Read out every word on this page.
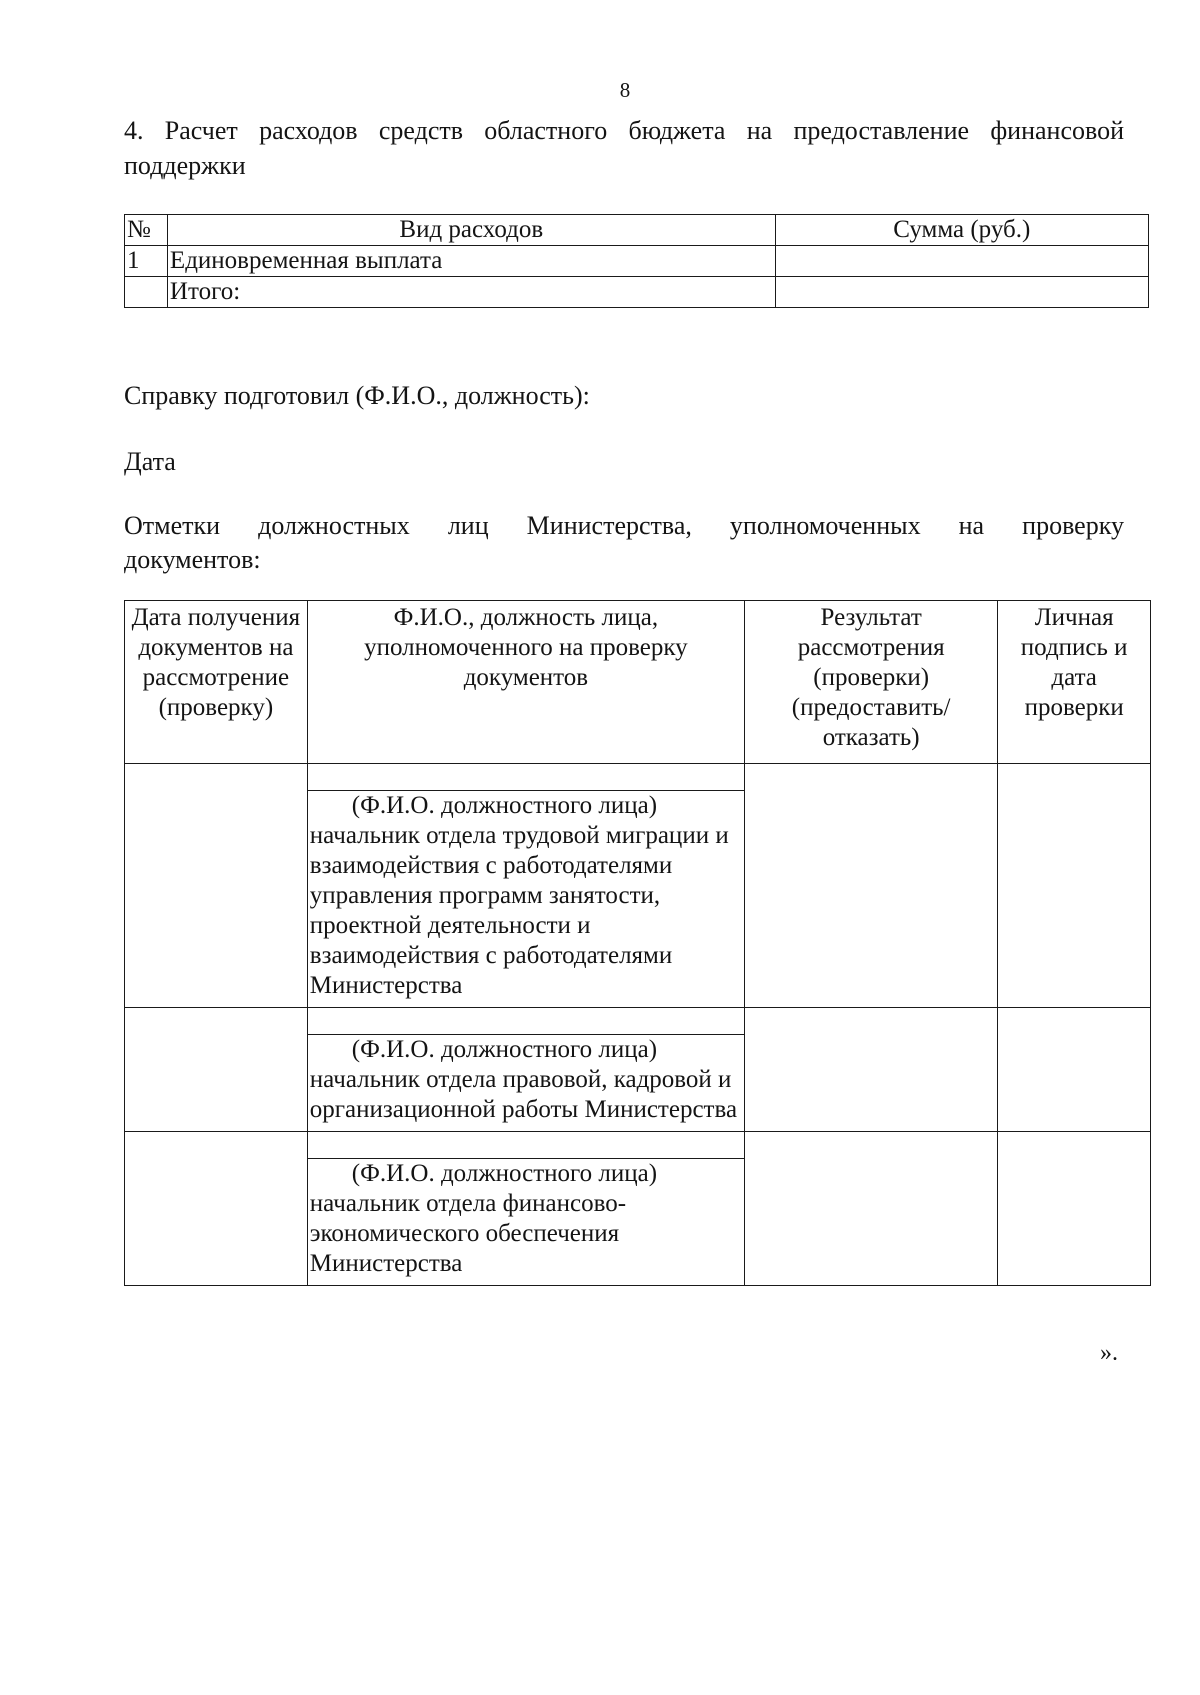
8
4. Расчет расходов средств областного бюджета на предоставление финансовой
поддержки
№	Вид расходов	Сумма (руб.)
1	Единовременная выплата	
	Итого:	
Справку подготовил (Ф.И.О., должность):
Дата
Отметки должностных лиц Министерства, уполномоченных на проверку
документов:
Дата получения документов на рассмотрение (проверку)	Ф.И.О., должность лица, уполномоченного на проверку документов	Результат рассмотрения (проверки) (предоставить/отказать)	Личная подпись и дата проверки

	(Ф.И.О. должностного лица)
начальник отдела трудовой миграции и взаимодействия с работодателями управления программ занятости, проектной деятельности и взаимодействия с работодателями Министерства		

	(Ф.И.О. должностного лица)
начальник отдела правовой, кадровой и организационной работы Министерства		

	(Ф.И.О. должностного лица)
начальник отдела финансово-экономического обеспечения Министерства		

».
